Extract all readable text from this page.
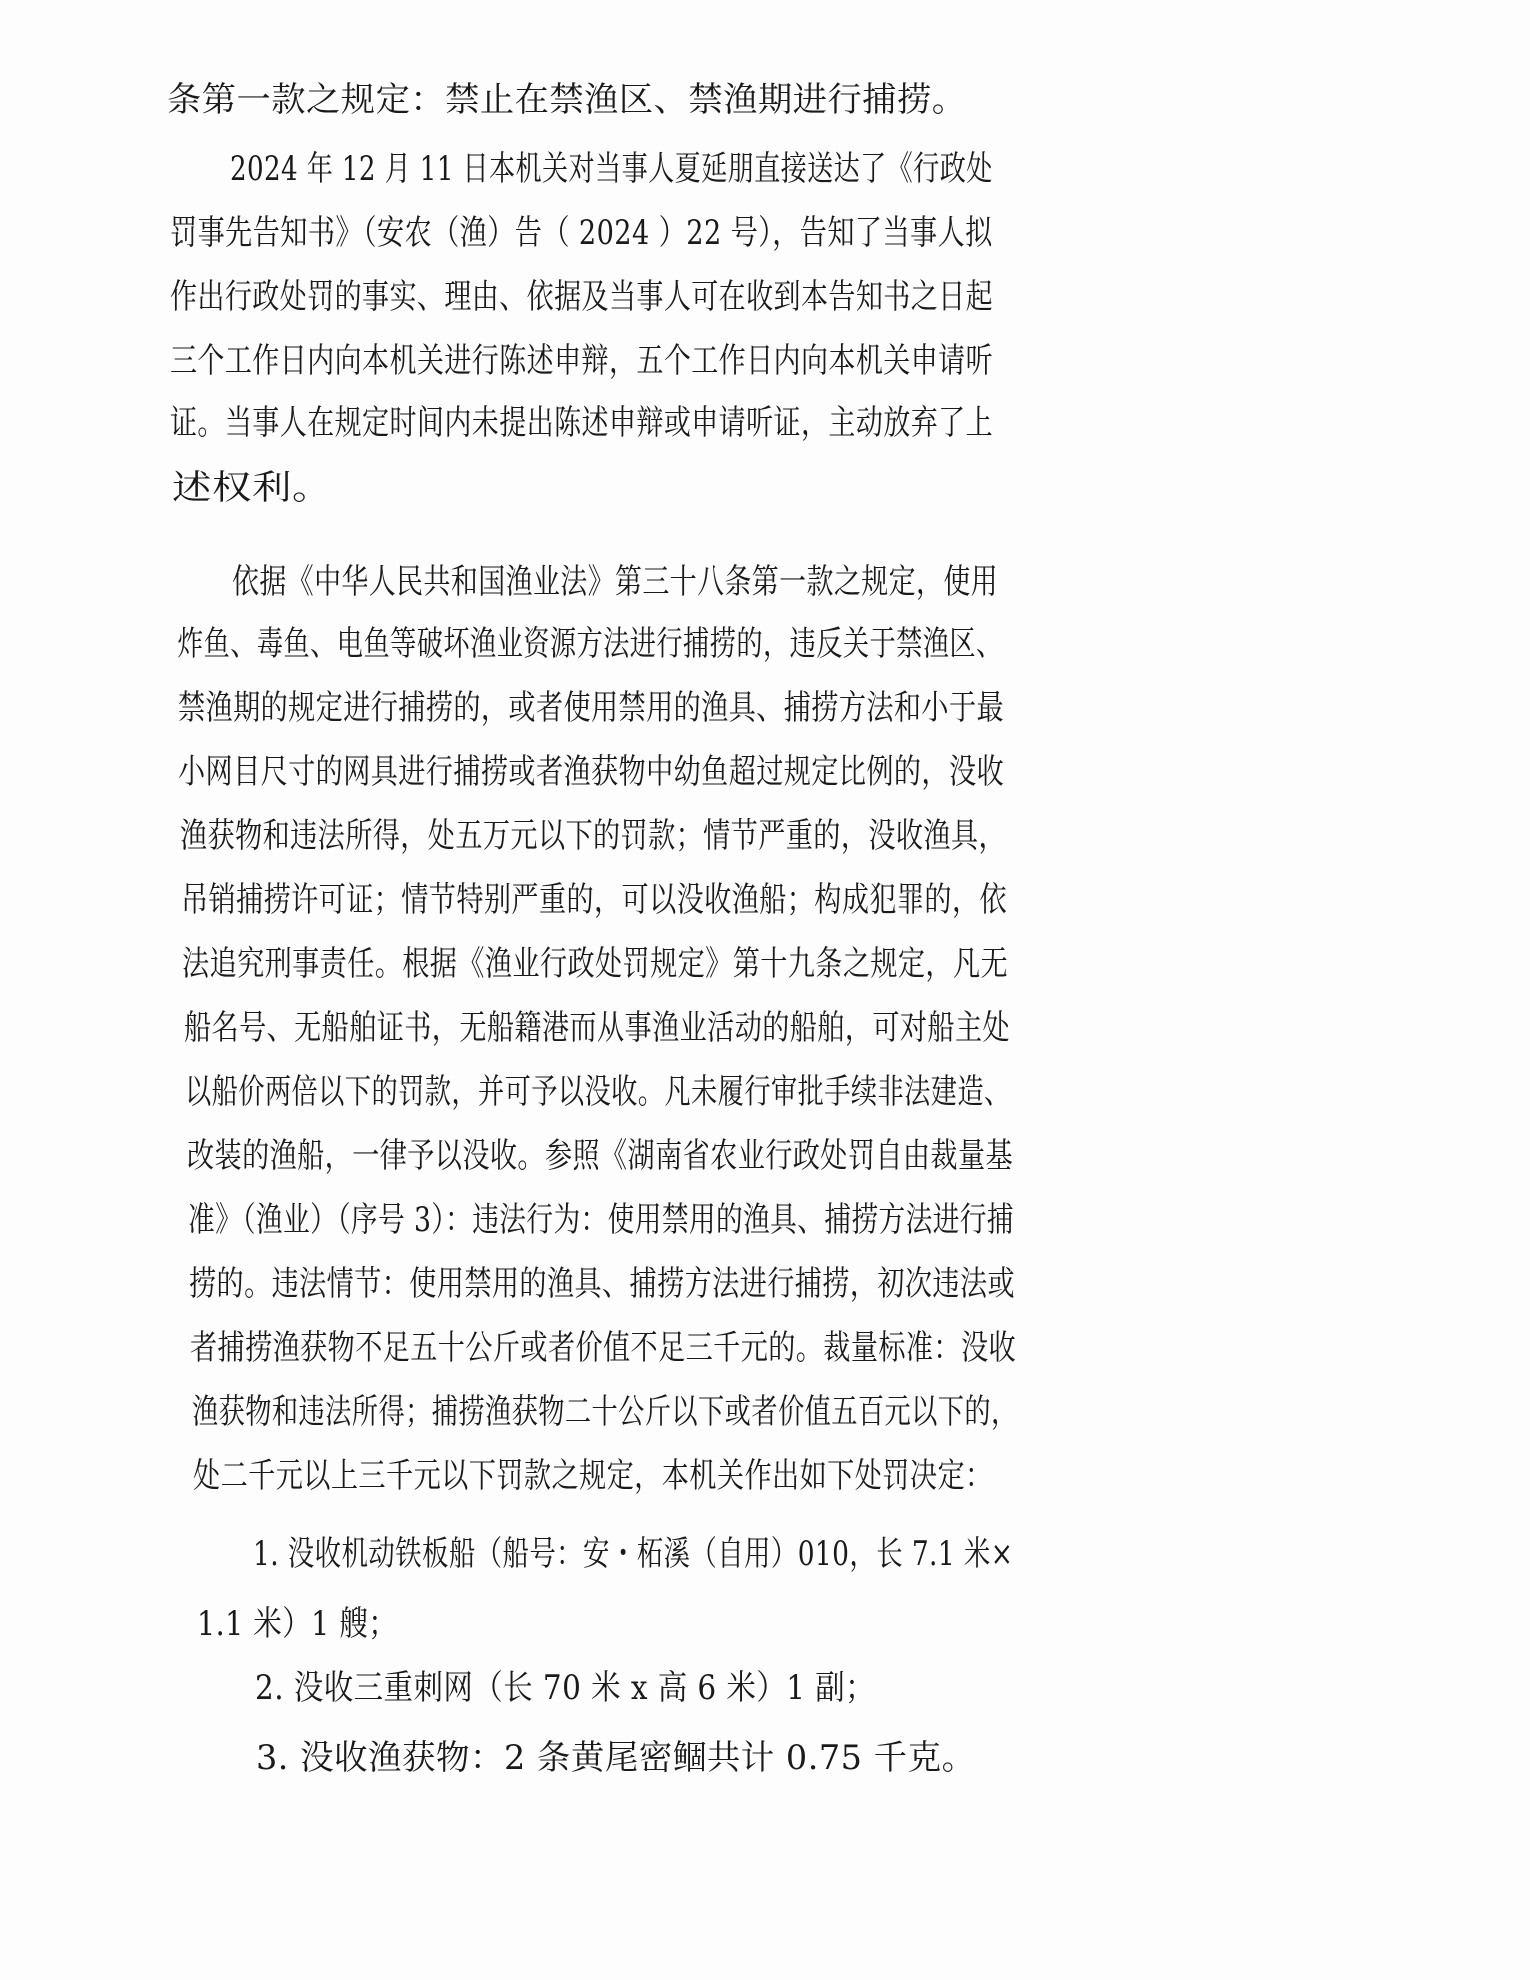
条第一款之规定：禁止在禁渔区、禁渔期进行捕捞。
2024 年 12 月 11 日本机关对当事人夏延朋直接送达了《行政处
罚事先告知书》（安农（渔）告（ 2024 ）22 号），告知了当事人拟
作出行政处罚的事实、理由、依据及当事人可在收到本告知书之日起
三个工作日内向本机关进行陈述申辩，五个工作日内向本机关申请听
证。当事人在规定时间内未提出陈述申辩或申请听证，主动放弃了上
述权利。
依据《中华人民共和国渔业法》第三十八条第一款之规定，使用
炸鱼、毒鱼、电鱼等破坏渔业资源方法进行捕捞的，违反关于禁渔区、
禁渔期的规定进行捕捞的，或者使用禁用的渔具、捕捞方法和小于最
小网目尺寸的网具进行捕捞或者渔获物中幼鱼超过规定比例的，没收
渔获物和违法所得，处五万元以下的罚款；情节严重的，没收渔具，
吊销捕捞许可证；情节特别严重的，可以没收渔船；构成犯罪的，依
法追究刑事责任。根据《渔业行政处罚规定》第十九条之规定，凡无
船名号、无船舶证书，无船籍港而从事渔业活动的船舶，可对船主处
以船价两倍以下的罚款，并可予以没收。凡未履行审批手续非法建造、
改装的渔船，一律予以没收。参照《湖南省农业行政处罚自由裁量基
准》（渔业）（序号 3）：违法行为：使用禁用的渔具、捕捞方法进行捕
捞的。违法情节：使用禁用的渔具、捕捞方法进行捕捞，初次违法或
者捕捞渔获物不足五十公斤或者价值不足三千元的。裁量标准：没收
渔获物和违法所得；捕捞渔获物二十公斤以下或者价值五百元以下的，
处二千元以上三千元以下罚款之规定，本机关作出如下处罚决定：
1. 没收机动铁板船（船号：安・柘溪（自用）010，长 7.1 米×
1.1 米）1 艘；
2. 没收三重刺网（长 70 米 x 高 6 米）1 副；
3. 没收渔获物：2 条黄尾密鲴共计 0.75 千克。
